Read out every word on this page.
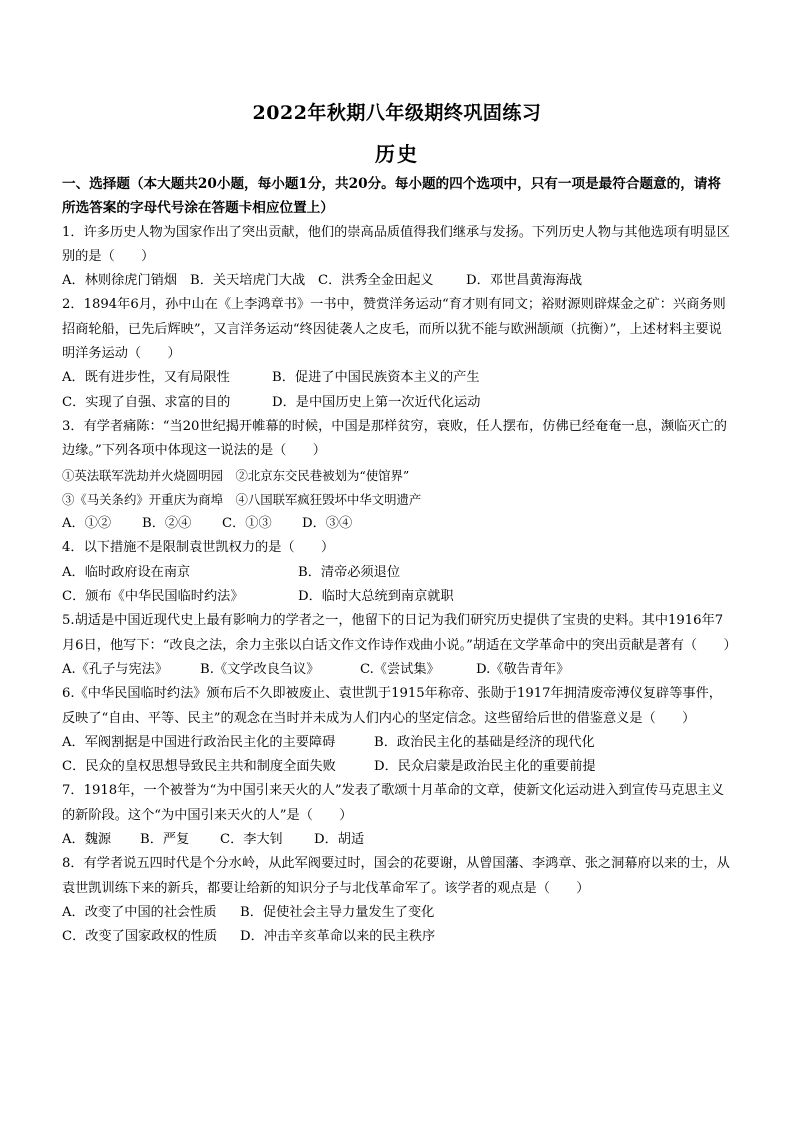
2022年秋期八年级期终巩固练习
历史
一、选择题（本大题共20小题，每小题1分，共20分。每小题的四个选项中，只有一项是最符合题意的，请将所选答案的字母代号涂在答题卡相应位置上）
1．许多历史人物为国家作出了突出贡献，他们的崇高品质值得我们继承与发扬。下列历史人物与其他选项有明显区别的是（　　）
A．林则徐虎门销烟 B．关天培虎门大战 C．洪秀全金田起义	D．邓世昌黄海海战
2．1894年6月，孙中山在《上李鸿章书》一书中，赞赏洋务运动“育才则有同文；裕财源则辟煤金之矿：兴商务则招商轮船，已先后辉映”，又言洋务运动“终因徒袭人之皮毛，而所以犹不能与欧洲颉颃（抗衡）”，上述材料主要说明洋务运动（　　）
A．既有进步性，又有局限性	B．促进了中国民族资本主义的产生
C．实现了自强、求富的目的	D．是中国历史上第一次近代化运动
3．有学者痛陈：“当20世纪揭开帷幕的时候，中国是那样贫穷，衰败，任人摆布，仿佛已经奄奄一息，濒临灭亡的边缘。”下列各项中体现这一说法的是（　　）
①英法联军洗劫并火烧圆明园　②北京东交民巷被划为“使馆界”
③《马关条约》开重庆为商埠　④八国联军疯狂毁坏中华文明遗产
A．①②	B．②④	C．①③	D．③④
4．以下措施不是限制袁世凯权力的是（　　）
A．临时政府设在南京	B．清帝必须退位
C．颁布《中华民国临时约法》	D．临时大总统到南京就职
5.胡适是中国近现代史上最有影响力的学者之一，他留下的日记为我们研究历史提供了宝贵的史料。其中1916年7月6日，他写下：“改良之法，余力主张以白话文作文作诗作戏曲小说。”胡适在文学革命中的突出贡献是著有（　　）
A.《孔子与宪法》	B.《文学改良刍议》	C.《尝试集》	D.《敬告青年》
6.《中华民国临时约法》颁布后不久即被废止、袁世凯于1915年称帝、张勋于1917年拥清废帝溥仪复辟等事件，反映了“自由、平等、民主”的观念在当时并未成为人们内心的坚定信念。这些留给后世的借鉴意义是（　　）
A．军阀割据是中国进行政治民主化的主要障碍	B．政治民主化的基础是经济的现代化
C．民众的皇权思想导致民主共和制度全面失败	D．民众启蒙是政治民主化的重要前提
7．1918年，一个被誉为“为中国引来天火的人”发表了歌颂十月革命的文章，使新文化运动进入到宣传马克思主义的新阶段。这个“为中国引来天火的人”是（　　）
A．魏源	B．严复	C．李大钊	D．胡适
8．有学者说五四时代是个分水岭，从此军阀要过时，国会的花要谢，从曾国藩、李鸿章、张之洞幕府以来的士，从袁世凯训练下来的新兵，都要让给新的知识分子与北伐革命军了。该学者的观点是（　　）
A．改变了中国的社会性质	B．促使社会主导力量发生了变化
C．改变了国家政权的性质	D．冲击辛亥革命以来的民主秩序
